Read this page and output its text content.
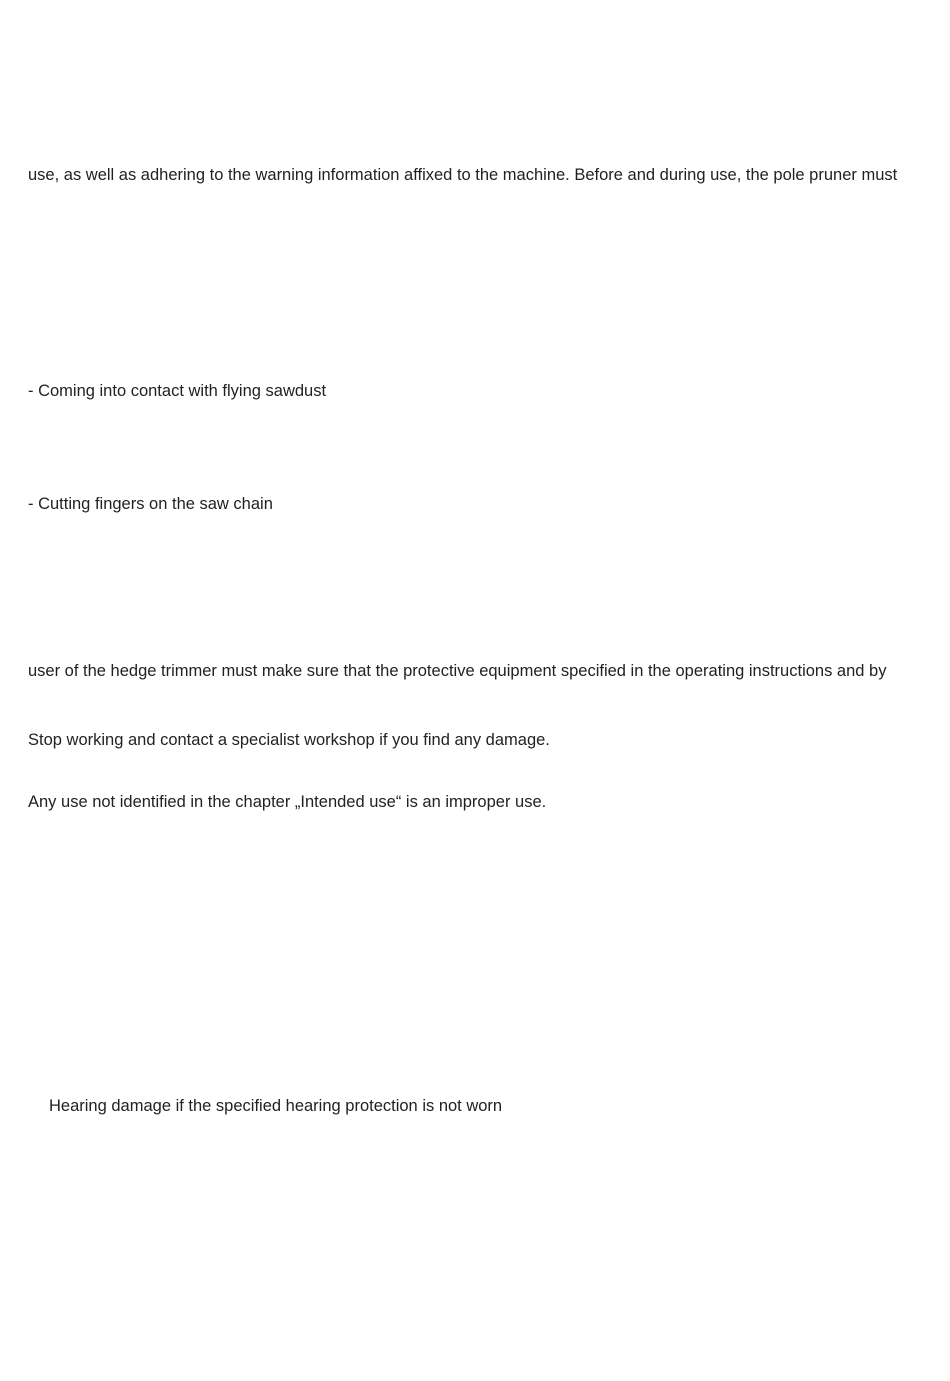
use, as well as adhering to the warning information affixed to the machine. Before and during use, the pole pruner must
- Coming into contact with flying sawdust
- Cutting fingers on the saw chain
user of the hedge trimmer must make sure that the protective equipment specified in the operating instructions and by
Stop working and contact a specialist workshop if you find any damage.
Any use not identified in the chapter „Intended use“ is an improper use.
Hearing damage if the specified hearing protection is not worn
